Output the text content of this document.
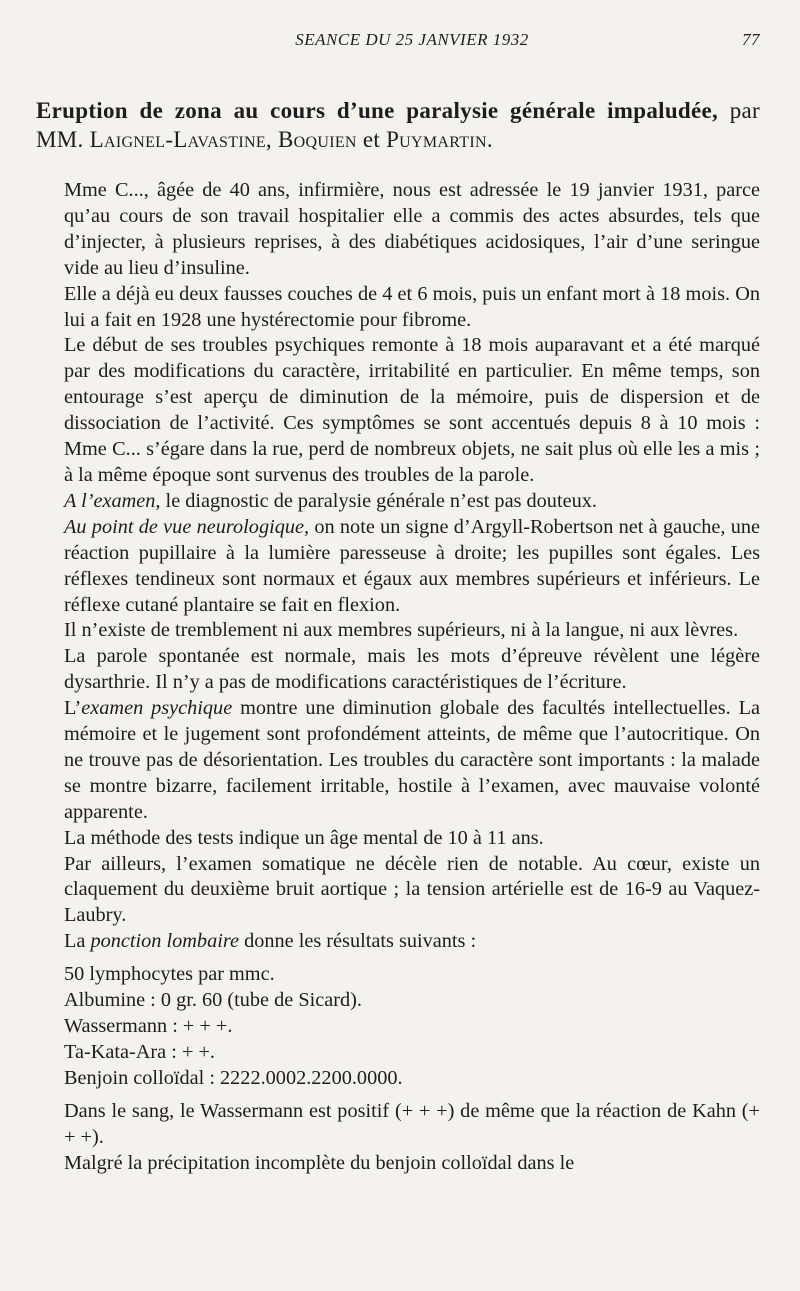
SEANCE DU 25 JANVIER 1932	77
Eruption de zona au cours d’une paralysie générale impaludée, par MM. Laignel-Lavastine, Boquien et Puymartin.

Mme C..., âgée de 40 ans, infirmière, nous est adressée le 19 janvier 1931, parce qu’au cours de son travail hospitalier elle a commis des actes absurdes, tels que d’injecter, à plusieurs reprises, à des diabétiques acidosiques, l’air d’une seringue vide au lieu d’insuline.

Elle a déjà eu deux fausses couches de 4 et 6 mois, puis un enfant mort à 18 mois. On lui a fait en 1928 une hystérectomie pour fibrome.

Le début de ses troubles psychiques remonte à 18 mois auparavant et a été marqué par des modifications du caractère, irritabilité en particulier. En même temps, son entourage s’est aperçu de diminution de la mémoire, puis de dispersion et de dissociation de l’activité. Ces symptômes se sont accentués depuis 8 à 10 mois : Mme C... s’égare dans la rue, perd de nombreux objets, ne sait plus où elle les a mis ; à la même époque sont survenus des troubles de la parole.

A l’examen, le diagnostic de paralysie générale n’est pas douteux.

Au point de vue neurologique, on note un signe d’Argyll-Robertson net à gauche, une réaction pupillaire à la lumière paresseuse à droite; les pupilles sont égales. Les réflexes tendineux sont normaux et égaux aux membres supérieurs et inférieurs. Le réflexe cutané plantaire se fait en flexion.

Il n’existe de tremblement ni aux membres supérieurs, ni à la langue, ni aux lèvres.

La parole spontanée est normale, mais les mots d’épreuve révèlent une légère dysarthrie. Il n’y a pas de modifications caractéristiques de l’écriture.

L’examen psychique montre une diminution globale des facultés intellectuelles. La mémoire et le jugement sont profondément atteints, de même que l’autocritique. On ne trouve pas de désorientation. Les troubles du caractère sont importants : la malade se montre bizarre, facilement irritable, hostile à l’examen, avec mauvaise volonté apparente.

La méthode des tests indique un âge mental de 10 à 11 ans.

Par ailleurs, l’examen somatique ne décèle rien de notable. Au cœur, existe un claquement du deuxième bruit aortique ; la tension artérielle est de 16-9 au Vaquez-Laubry.

La ponction lombaire donne les résultats suivants :

50 lymphocytes par mmc.
Albumine : 0 gr. 60 (tube de Sicard).
Wassermann : + + +.
Ta-Kata-Ara : + +.
Benjoin colloïdal : 2222.0002.2200.0000.

Dans le sang, le Wassermann est positif (+ + +) de même que la réaction de Kahn (+ + +).

Malgré la précipitation incomplète du benjoin colloïdal dans le
